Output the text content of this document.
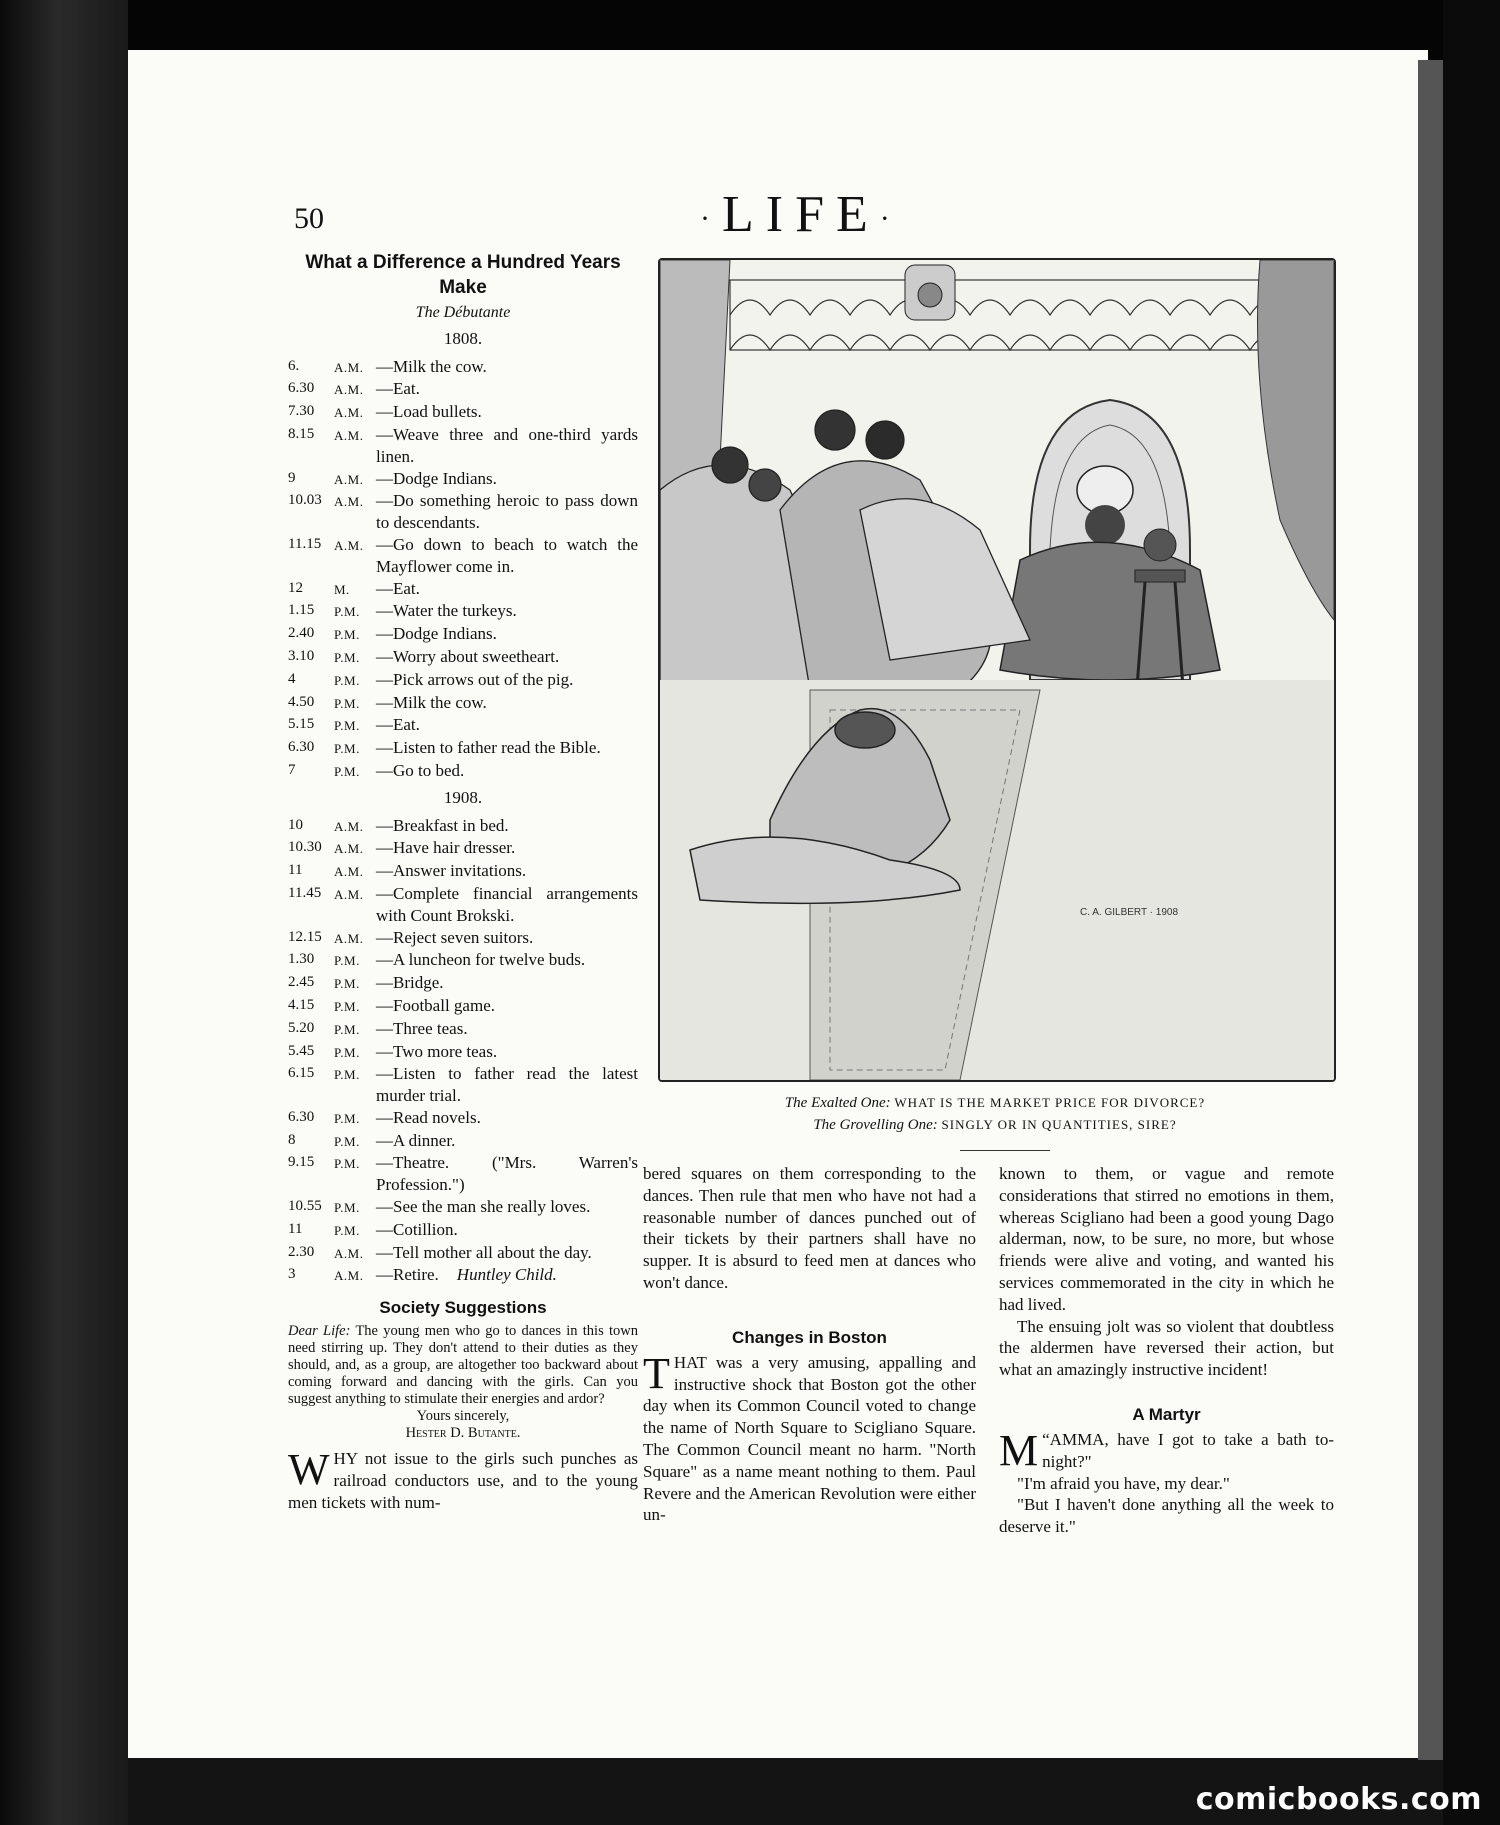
50	·LIFE·
What a Difference a Hundred Years Make
The Débutante
1808.
6.	A.M. —Milk the cow.
6.30	A.M. —Eat.
7.30	A.M. —Load bullets.
8.15	A.M. —Weave three and one-third yards linen.
9	A.M. —Dodge Indians.
10.03 A.M. —Do something heroic to pass down to descendants.
11.15 A.M. —Go down to beach to watch the Mayflower come in.
12	M.	—Eat.
1.15	P.M. —Water the turkeys.
2.40	P.M. —Dodge Indians.
3.10	P.M. —Worry about sweetheart.
4	P.M. —Pick arrows out of the pig.
4.50	P.M. —Milk the cow.
5.15	P.M. —Eat.
6.30	P.M. —Listen to father read the Bible.
7	P.M. —Go to bed.
1908.
10	A.M. —Breakfast in bed.
10.30 A.M. —Have hair dresser.
11	A.M. —Answer invitations.
11.45 A.M. —Complete financial arrangements with Count Brokski.
12.15 A.M. —Reject seven suitors.
1.30	P.M. —A luncheon for twelve buds.
2.45	P.M. —Bridge.
4.15	P.M. —Football game.
5.20	P.M. —Three teas.
5.45	P.M. —Two more teas.
6.15	P.M. —Listen to father read the latest murder trial.
6.30	P.M. —Read novels.
8	P.M. —A dinner.
9.15	P.M. —Theatre. ("Mrs. Warren's Profession.")
10.55 P.M. —See the man she really loves.
11	P.M. —Cotillion.
2.30	A.M. —Tell mother all about the day.
3	A.M. —Retire. Huntley Child.
Society Suggestions
Dear Life: The young men who go to dances in this town need stirring up. They don't attend to their duties as they should, and, as a group, are altogether too backward about coming forward and dancing with the girls. Can you suggest anything to stimulate their energies and ardor?
Yours sincerely,
Hester D. Butante.
WHY not issue to the girls such punches as railroad conductors use, and to the young men tickets with num-
C. A. GILBERT · 1908
The Exalted One: WHAT IS THE MARKET PRICE FOR DIVORCE?
The Grovelling One: SINGLY OR IN QUANTITIES, SIRE?

bered squares on them corresponding to the dances. Then rule that men who have not had a reasonable number of dances punched out of their tickets by their partners shall have no supper. It is absurd to feed men at dances who won't dance.

Changes in Boston
THAT was a very amusing, appalling and instructive shock that Boston got the other day when its Common Council voted to change the name of North Square to Scigliano Square. The Common Council meant no harm. "North Square" as a name meant nothing to them. Paul Revere and the American Revolution were either un-

known to them, or vague and remote considerations that stirred no emotions in them, whereas Scigliano had been a good young Dago alderman, now, to be sure, no more, but whose friends were alive and voting, and wanted his services commemorated in the city in which he had lived.

The ensuing jolt was so violent that doubtless the aldermen have reversed their action, but what an amazingly instructive incident!

A Martyr
“
M AMMA, have I got to take a bath to-night?"

"I'm afraid you have, my dear."

"But I haven't done anything all the week to deserve it."

comicbooks.com
